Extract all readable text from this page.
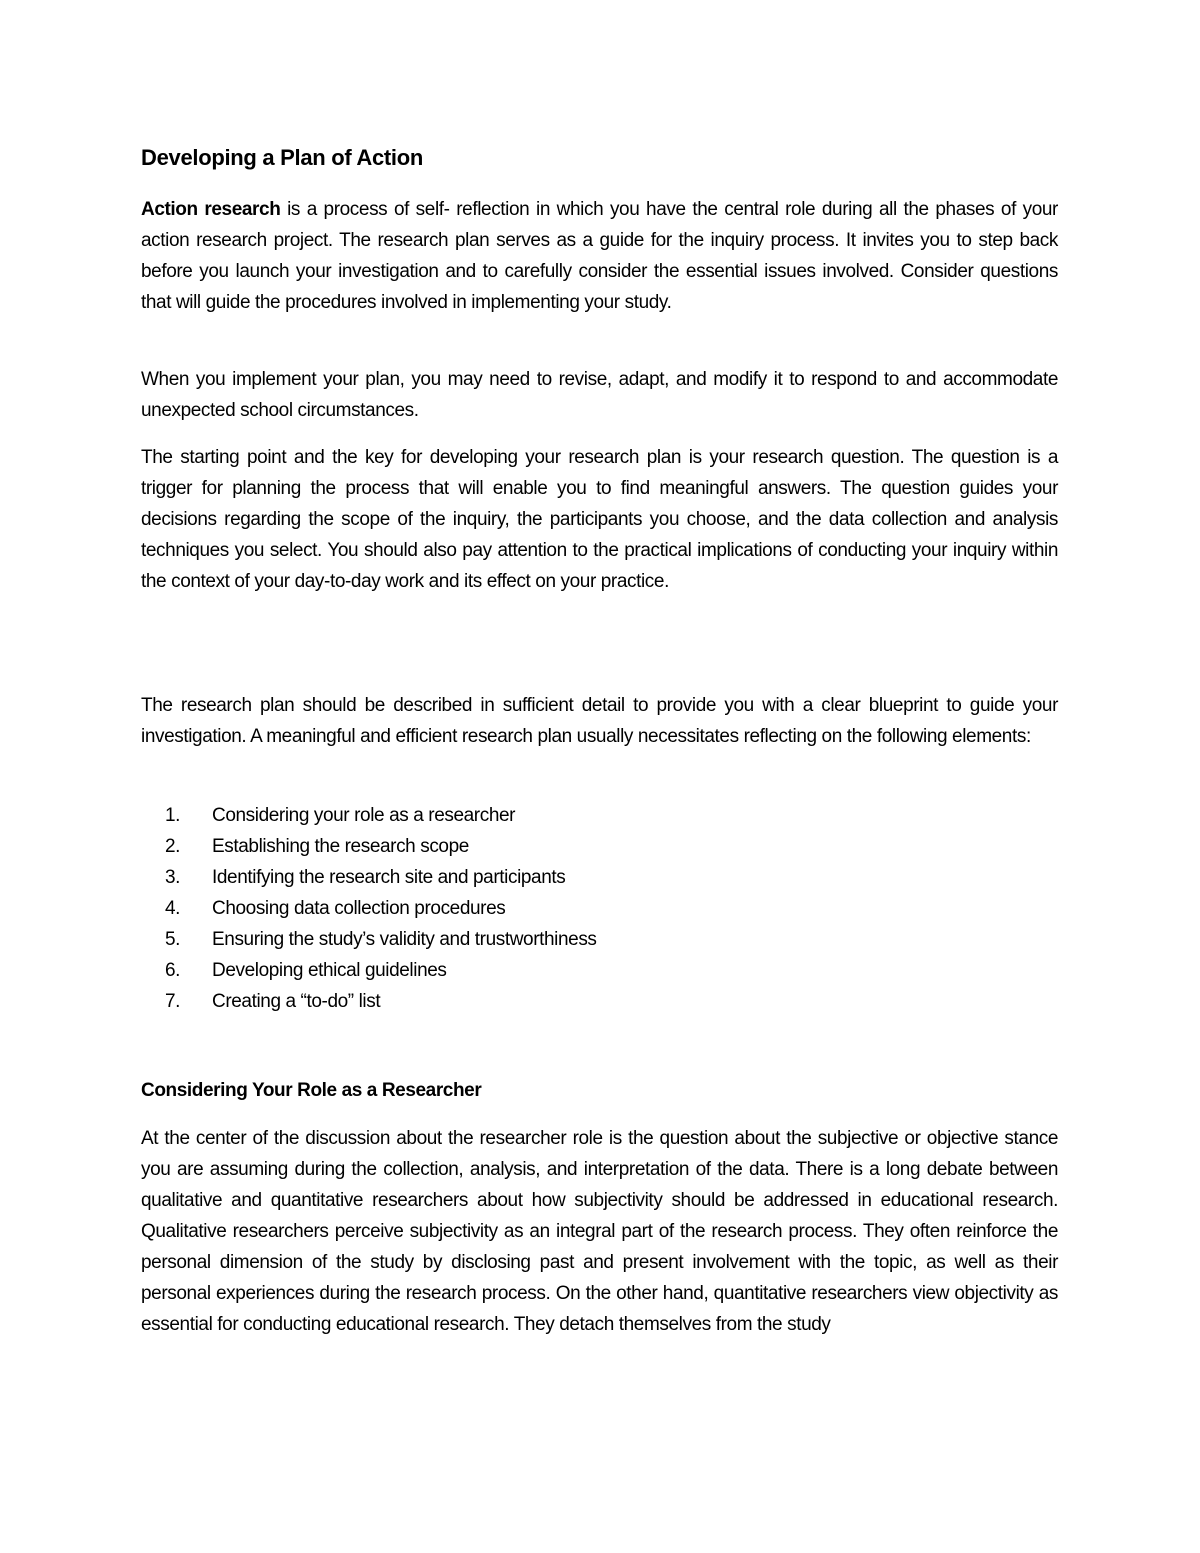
Developing a Plan of Action

Action research is a process of self- reflection in which you have the central role during all the phases of your action research project. The research plan serves as a guide for the inquiry process. It invites you to step back before you launch your investigation and to carefully consider the essential issues involved. Consider questions that will guide the procedures involved in implementing your study.

When you implement your plan, you may need to revise, adapt, and modify it to respond to and accommodate unexpected school circumstances.

The starting point and the key for developing your research plan is your research question. The question is a trigger for planning the process that will enable you to find meaningful answers. The question guides your decisions regarding the scope of the inquiry, the participants you choose, and the data collection and analysis techniques you select. You should also pay attention to the practical implications of conducting your inquiry within the context of your day-to-day work and its effect on your practice.

The research plan should be described in sufficient detail to provide you with a clear blueprint to guide your investigation. A meaningful and efficient research plan usually necessitates reflecting on the following elements:

1.	Considering your role as a researcher
2.	Establishing the research scope
3.	Identifying the research site and participants
4.	Choosing data collection procedures
5.	Ensuring the study’s validity and trustworthiness
6.	Developing ethical guidelines
7.	Creating a “to-do” list
Considering Your Role as a Researcher

At the center of the discussion about the researcher role is the question about the subjective or objective stance you are assuming during the collection, analysis, and interpretation of the data. There is a long debate between qualitative and quantitative researchers about how subjectivity should be addressed in educational research. Qualitative researchers perceive subjectivity as an integral part of the research process. They often reinforce the personal dimension of the study by disclosing past and present involvement with the topic, as well as their personal experiences during the research process. On the other hand, quantitative researchers view objectivity as essential for conducting educational research. They detach themselves from the study
